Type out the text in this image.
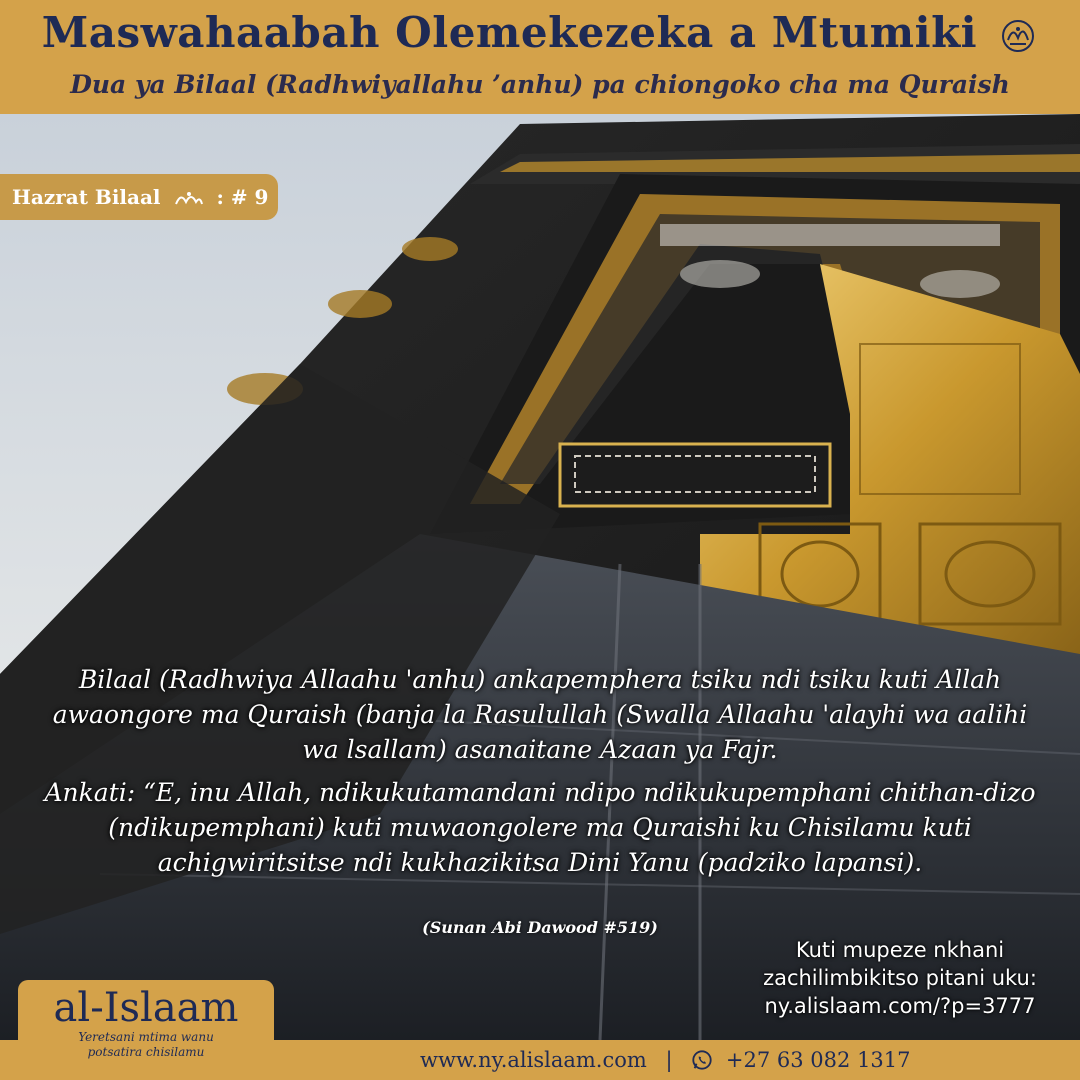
Maswahaabah Olemekezeka a Mtumiki
Dua ya Bilaal (Radhwiyallahu ’anhu) pa chiongoko cha ma Quraish
Hazrat Bilaal	: # 9

Bilaal (Radhwiya Allaahu 'anhu) ankapemphera tsiku ndi tsiku kuti Allah awaongore ma Quraish (banja la Rasulullah (Swalla Allaahu 'alayhi wa aalihi wa lsallam) asanaitane Azaan ya Fajr.

Ankati: “E, inu Allah, ndikukutamandani ndipo ndikukupemphani chithan-dizo (ndikupemphani) kuti muwaongolere ma Quraishi ku Chisilamu kuti achigwiritsitse ndi kukhazikitsa Dini Yanu (padziko lapansi).

(Sunan Abi Dawood #519)
Kuti mupeze nkhani
zachilimbikitso pitani uku:
ny.alislaam.com/?p=3777
al-Islaam
Yeretsani mtima wanu
potsatira chisilamu	www.ny.alislaam.com |	+27 63 082 1317
